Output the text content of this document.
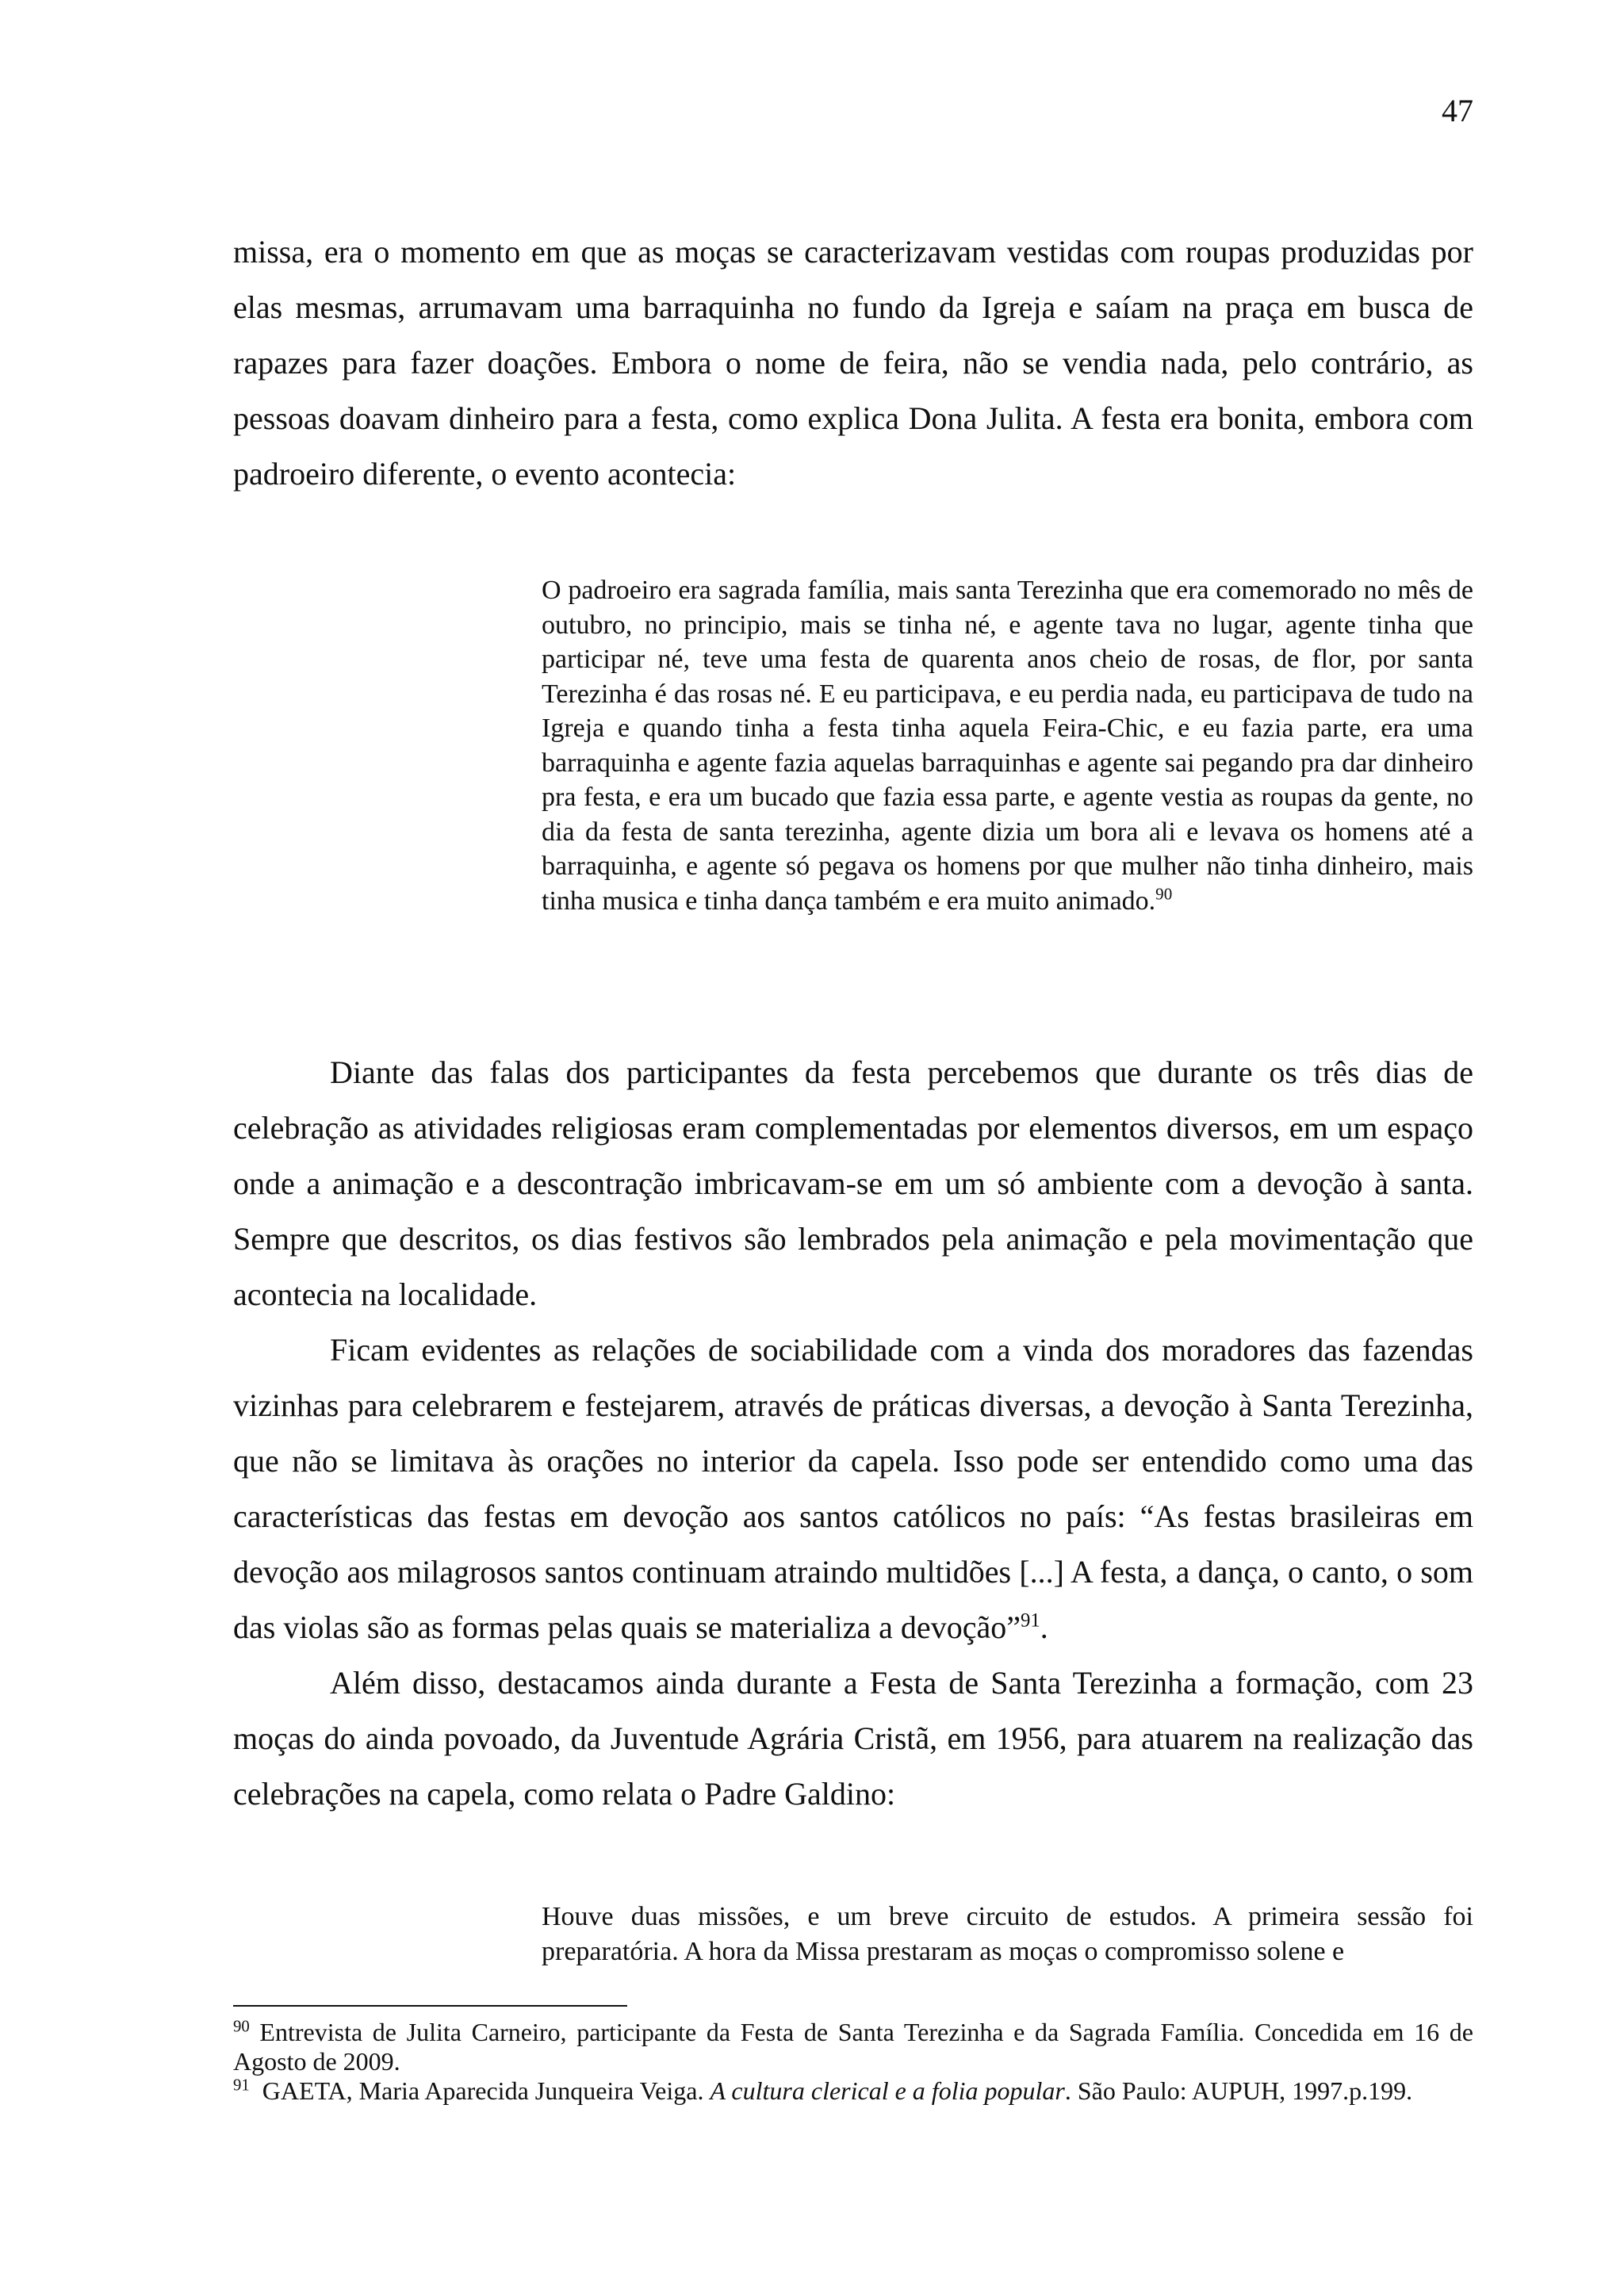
47

missa, era o momento em que as moças se caracterizavam vestidas com roupas produzidas por elas mesmas, arrumavam uma barraquinha no fundo da Igreja e saíam na praça em busca de rapazes para fazer doações. Embora o nome de feira, não se vendia nada, pelo contrário, as pessoas doavam dinheiro para a festa, como explica Dona Julita. A festa era bonita, embora com padroeiro diferente, o evento acontecia:

O padroeiro era sagrada família, mais santa Terezinha que era comemorado no mês de outubro, no principio, mais se tinha né, e agente tava no lugar, agente tinha que participar né, teve uma festa de quarenta anos cheio de rosas, de flor, por santa Terezinha é das rosas né. E eu participava, e eu perdia nada, eu participava de tudo na Igreja e quando tinha a festa tinha aquela Feira-Chic, e eu fazia parte, era uma barraquinha e agente fazia aquelas barraquinhas e agente sai pegando pra dar dinheiro pra festa, e era um bucado que fazia essa parte, e agente vestia as roupas da gente, no dia da festa de santa terezinha, agente dizia um bora ali e levava os homens até a barraquinha, e agente só pegava os homens por que mulher não tinha dinheiro, mais tinha musica e tinha dança também e era muito animado.$^{90}$

Diante das falas dos participantes da festa percebemos que durante os três dias de celebração as atividades religiosas eram complementadas por elementos diversos, em um espaço onde a animação e a descontração imbricavam-se em um só ambiente com a devoção à santa. Sempre que descritos, os dias festivos são lembrados pela animação e pela movimentação que acontecia na localidade.

Ficam evidentes as relações de sociabilidade com a vinda dos moradores das fazendas vizinhas para celebrarem e festejarem, através de práticas diversas, a devoção à Santa Terezinha, que não se limitava às orações no interior da capela. Isso pode ser entendido como uma das características das festas em devoção aos santos católicos no país: “As festas brasileiras em devoção aos milagrosos santos continuam atraindo multidões [...] A festa, a dança, o canto, o som das violas são as formas pelas quais se materializa a devoção”$^{91}$.

Além disso, destacamos ainda durante a Festa de Santa Terezinha a formação, com 23 moças do ainda povoado, da Juventude Agrária Cristã, em 1956, para atuarem na realização das celebrações na capela, como relata o Padre Galdino:

Houve duas missões, e um breve circuito de estudos. A primeira sessão foi preparatória. A hora da Missa prestaram as moças o compromisso solene e

$^{90}$ Entrevista de Julita Carneiro, participante da Festa de Santa Terezinha e da Sagrada Família. Concedida em 16 de Agosto de 2009.

$^{91}$  GAETA, Maria Aparecida Junqueira Veiga. A cultura clerical e a folia popular. São Paulo: AUPUH, 1997.p.199.
